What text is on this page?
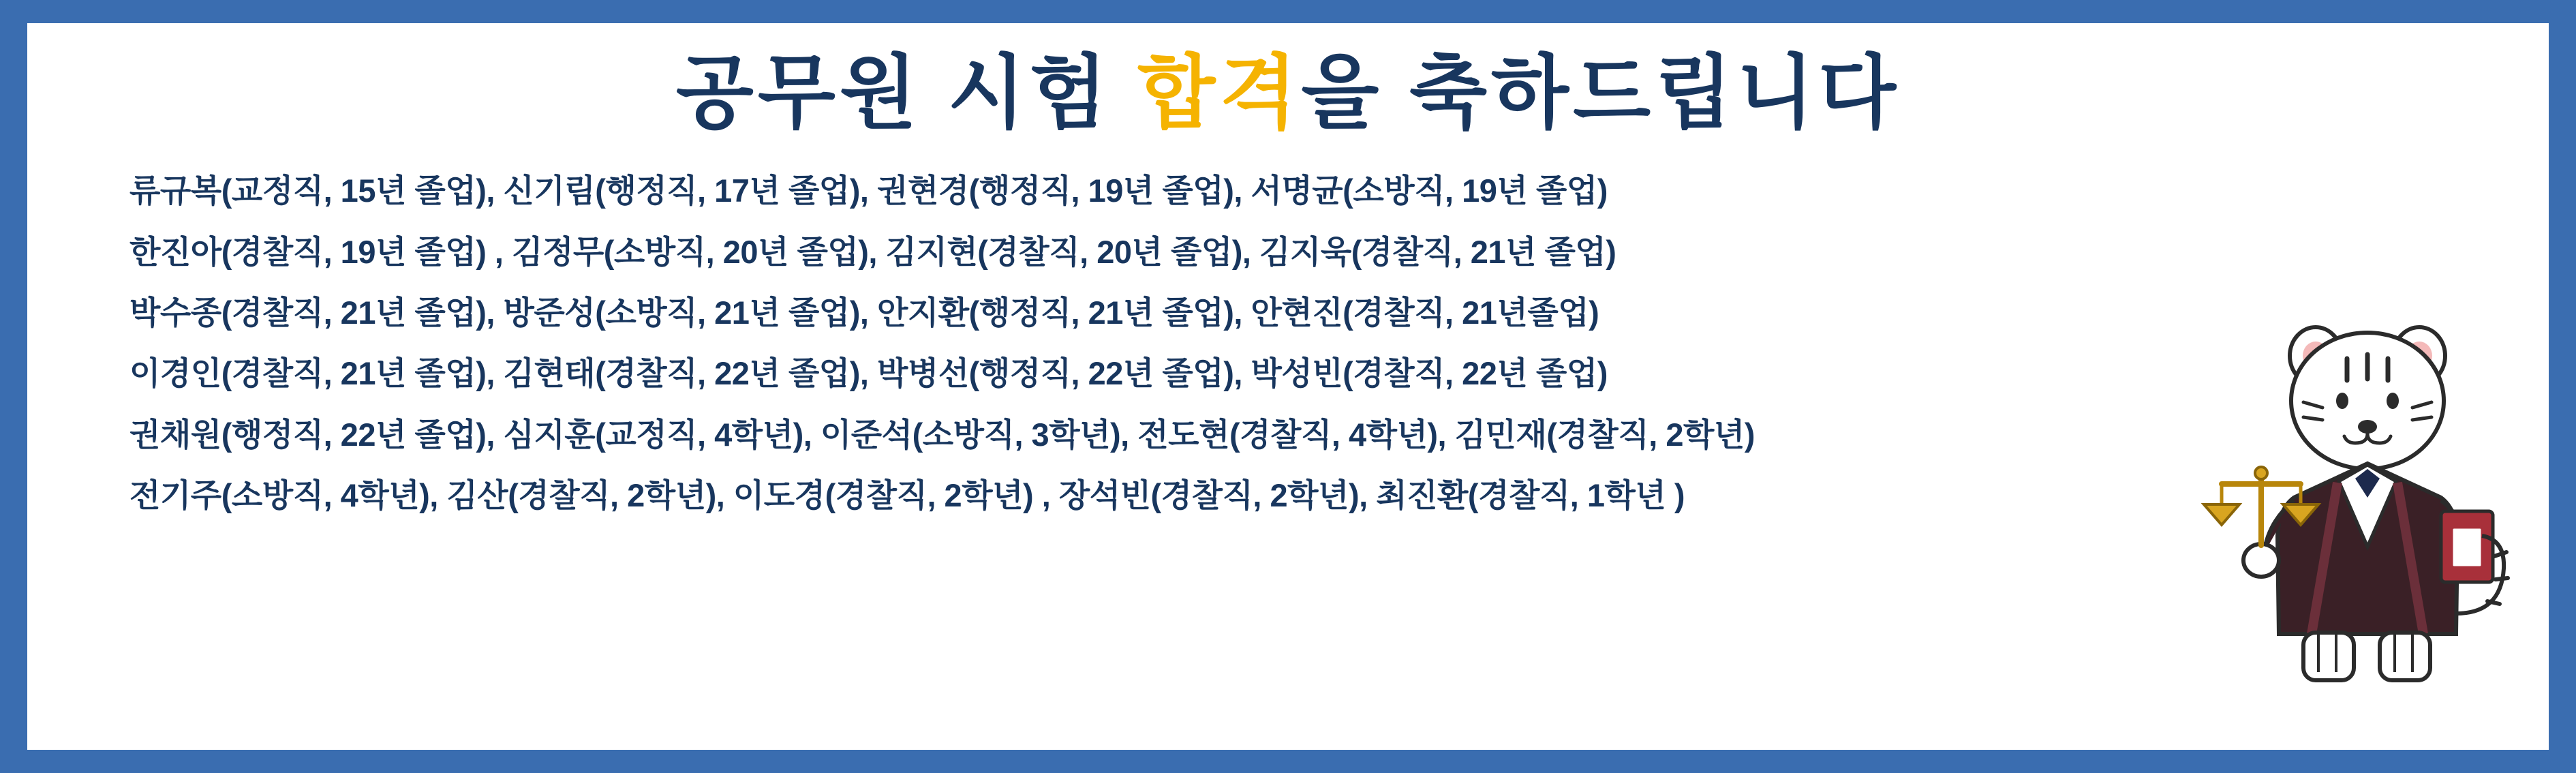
공무원 시험 합격을 축하드립니다
류규복(교정직, 15년 졸업), 신기림(행정직, 17년 졸업), 권현경(행정직, 19년 졸업), 서명균(소방직, 19년 졸업)
한진아(경찰직, 19년 졸업) , 김정무(소방직, 20년 졸업), 김지현(경찰직, 20년 졸업), 김지욱(경찰직, 21년 졸업)
박수종(경찰직, 21년 졸업), 방준성(소방직, 21년 졸업), 안지환(행정직, 21년 졸업), 안현진(경찰직, 21년졸업)
이경인(경찰직, 21년 졸업), 김현태(경찰직, 22년 졸업), 박병선(행정직, 22년 졸업), 박성빈(경찰직, 22년 졸업)
권채원(행정직, 22년 졸업), 심지훈(교정직, 4학년), 이준석(소방직, 3학년), 전도현(경찰직, 4학년), 김민재(경찰직, 2학년)
전기주(소방직, 4학년), 김산(경찰직, 2학년), 이도경(경찰직, 2학년) , 장석빈(경찰직, 2학년), 최진환(경찰직, 1학년 )
